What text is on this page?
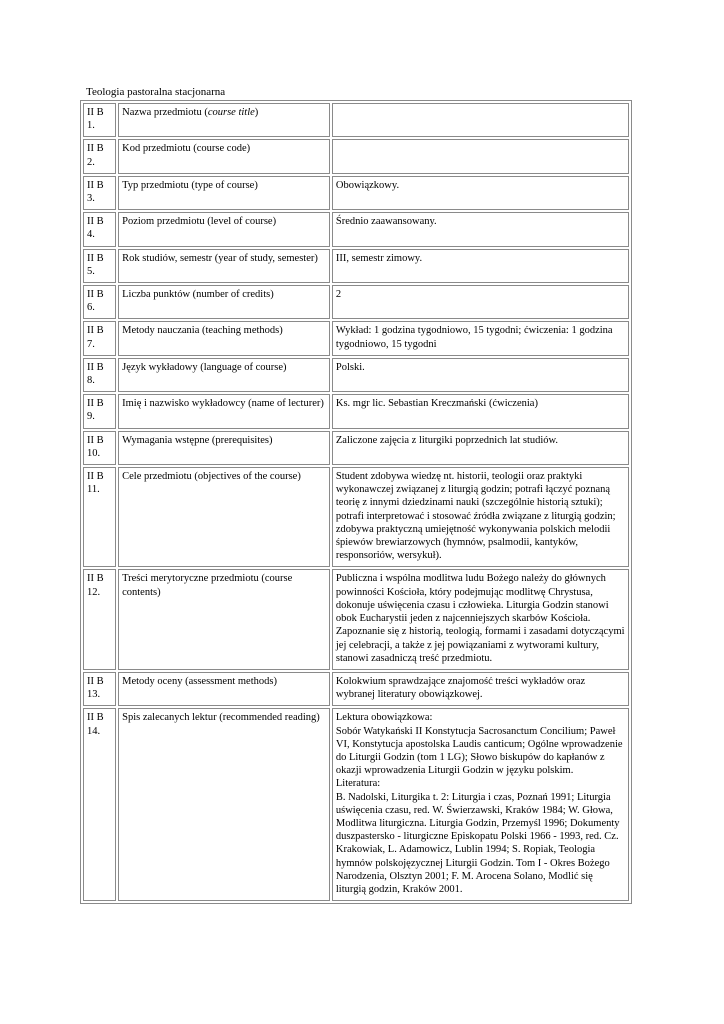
Teologia pastoralna stacjonarna
II B 1.	Nazwa przedmiotu (course title)	
II B 2.	Kod przedmiotu (course code)	
II B 3.	Typ przedmiotu (type of course)	Obowiązkowy.
II B 4.	Poziom przedmiotu (level of course)	Średnio zaawansowany.
II B 5.	Rok studiów, semestr (year of study, semester)	III, semestr zimowy.
II B 6.	Liczba punktów (number of credits)	2
II B 7.	Metody nauczania (teaching methods)	Wykład: 1 godzina tygodniowo, 15 tygodni; ćwiczenia: 1 godzina tygodniowo, 15 tygodni
II B 8.	Język wykładowy (language of course)	Polski.
II B 9.	Imię i nazwisko wykładowcy (name of lecturer)	Ks. mgr lic. Sebastian Kreczmański (ćwiczenia)
II B 10.	Wymagania wstępne (prerequisites)	Zaliczone zajęcia z liturgiki poprzednich lat studiów.
II B 11.	Cele przedmiotu (objectives of the course)	Student zdobywa wiedzę nt. historii, teologii oraz praktyki wykonawczej związanej z liturgią godzin; potrafi łączyć poznaną teorię z innymi dziedzinami nauki (szczególnie historią sztuki); potrafi interpretować i stosować źródła związane z liturgią godzin; zdobywa praktyczną umiejętność wykonywania polskich melodii śpiewów brewiarzowych (hymnów, psalmodii, kantyków, responsoriów, wersykuł).
II B 12.	Treści merytoryczne przedmiotu (course contents)	Publiczna i wspólna modlitwa ludu Bożego należy do głównych powinności Kościoła, który podejmując modlitwę Chrystusa, dokonuje uświęcenia czasu i człowieka. Liturgia Godzin stanowi obok Eucharystii jeden z najcenniejszych skarbów Kościoła. Zapoznanie się z historią, teologią, formami i zasadami dotyczącymi jej celebracji, a także z jej powiązaniami z wytworami kultury, stanowi zasadniczą treść przedmiotu.
II B 13.	Metody oceny (assessment methods)	Kolokwium sprawdzające znajomość treści wykładów oraz wybranej literatury obowiązkowej.
II B 14.	Spis zalecanych lektur (recommended reading)	Lektura obowiązkowa:
Sobór Watykański II Konstytucja Sacrosanctum Concilium; Paweł VI, Konstytucja apostolska Laudis canticum; Ogólne wprowadzenie do Liturgii Godzin (tom 1 LG); Słowo biskupów do kapłanów z okazji wprowadzenia Liturgii Godzin w języku polskim.
Literatura:
B. Nadolski, Liturgika t. 2: Liturgia i czas, Poznań 1991; Liturgia uświęcenia czasu, red. W. Świerzawski, Kraków 1984; W. Głowa, Modlitwa liturgiczna. Liturgia Godzin, Przemyśl 1996; Dokumenty duszpastersko - liturgiczne Episkopatu Polski 1966 - 1993, red. Cz. Krakowiak, L. Adamowicz, Lublin 1994; S. Ropiak, Teologia hymnów polskojęzycznej Liturgii Godzin. Tom I - Okres Bożego Narodzenia, Olsztyn 2001; F. M. Arocena Solano, Modlić się liturgią godzin, Kraków 2001.
